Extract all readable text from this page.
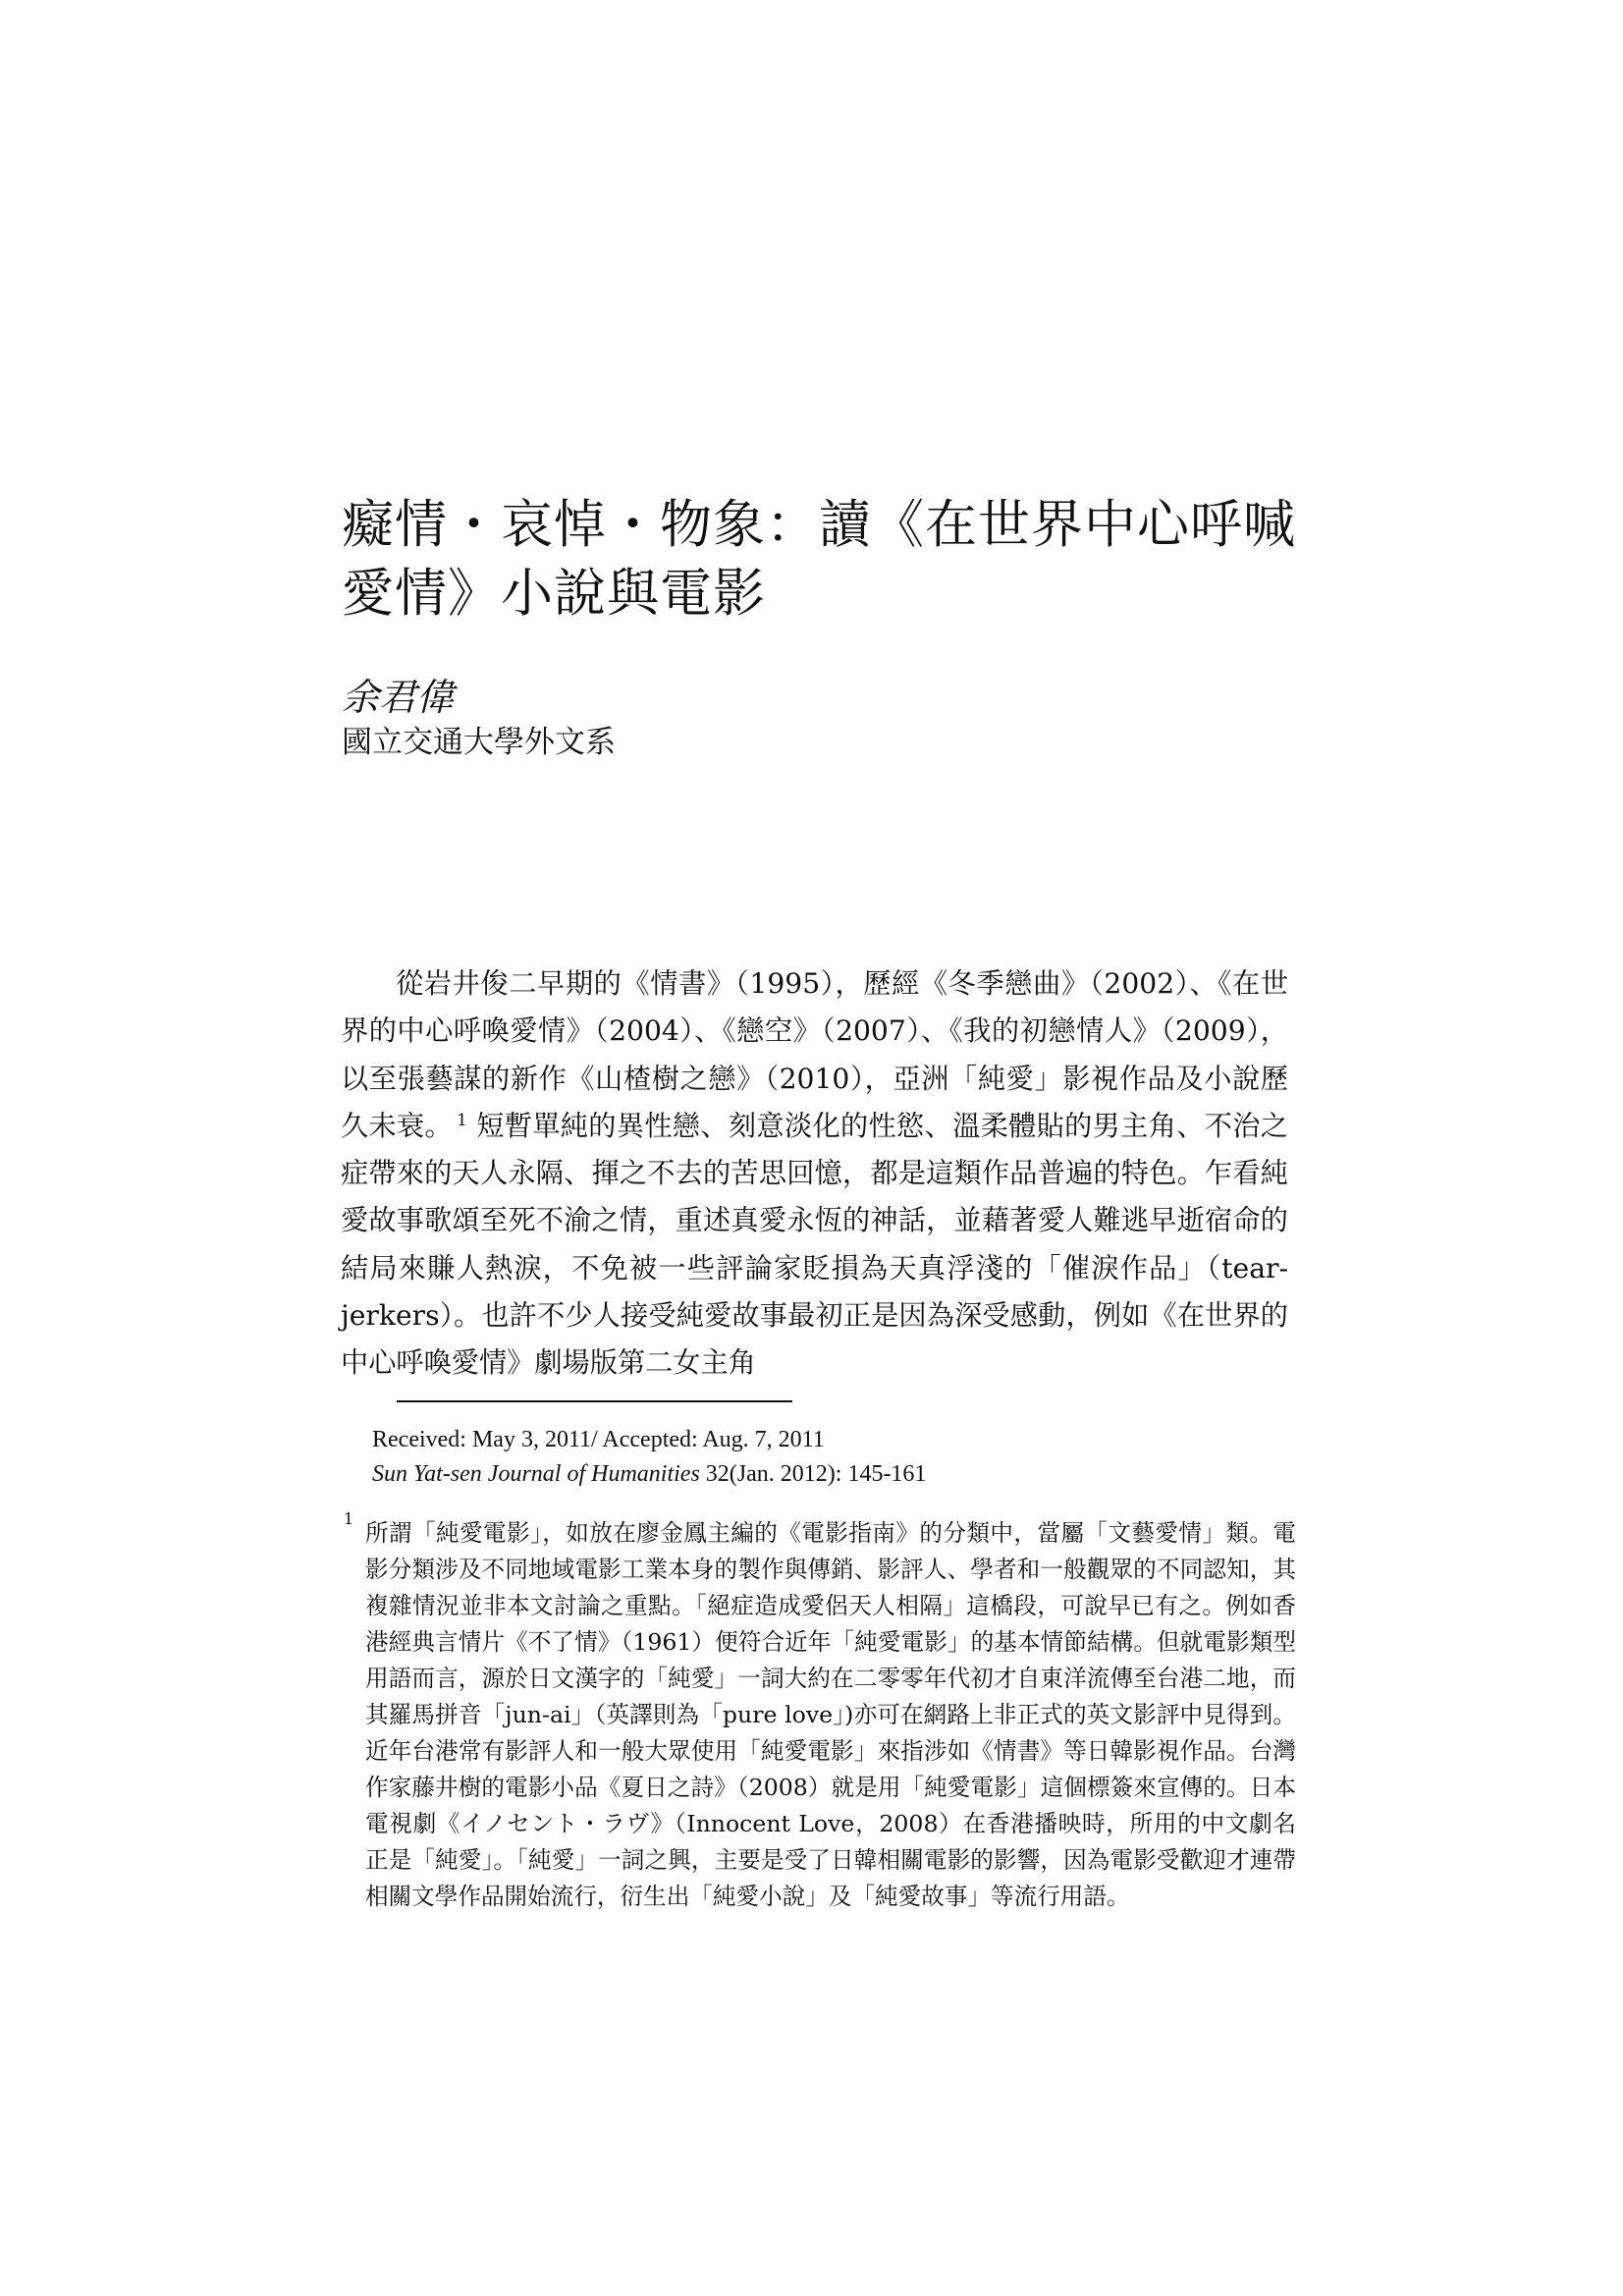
癡情・哀悼・物象：讀《在世界中心呼喊愛情》小說與電影
余君偉
國立交通大學外文系

從岩井俊二早期的《情書》（1995），歷經《冬季戀曲》（2002）、《在世界的中心呼喚愛情》（2004）、《戀空》（2007）、《我的初戀情人》（2009），以至張藝謀的新作《山楂樹之戀》（2010），亞洲「純愛」影視作品及小說歷久未衰。 $^1$ 短暫單純的異性戀、刻意淡化的性慾、溫柔體貼的男主角、不治之症帶來的天人永隔、揮之不去的苦思回憶，都是這類作品普遍的特色。乍看純愛故事歌頌至死不渝之情，重述真愛永恆的神話，並藉著愛人難逃早逝宿命的結局來賺人熱淚，不免被一些評論家貶損為天真浮淺的「催淚作品」（tear-jerkers）。也許不少人接受純愛故事最初正是因為深受感動，例如《在世界的中心呼喚愛情》劇場版第二女主角

Received: May 3, 2011/ Accepted: Aug. 7, 2011
Sun Yat-sen Journal of Humanities 32(Jan. 2012): 145-161
1

所謂「純愛電影」，如放在廖金鳳主編的《電影指南》的分類中，當屬「文藝愛情」類。電影分類涉及不同地域電影工業本身的製作與傳銷、影評人、學者和一般觀眾的不同認知，其複雜情況並非本文討論之重點。「絕症造成愛侶天人相隔」這橋段，可說早已有之。例如香港經典言情片《不了情》（1961）便符合近年「純愛電影」的基本情節結構。但就電影類型用語而言，源於日文漢字的「純愛」一詞大約在二零零年代初才自東洋流傳至台港二地，而其羅馬拼音「jun-ai」（英譯則為「pure love」)亦可在網路上非正式的英文影評中見得到。近年台港常有影評人和一般大眾使用「純愛電影」來指涉如《情書》等日韓影視作品。台灣作家藤井樹的電影小品《夏日之詩》（2008）就是用「純愛電影」這個標簽來宣傳的。日本電視劇《イノセント・ラヴ》（Innocent Love，2008）在香港播映時，所用的中文劇名正是「純愛」。「純愛」一詞之興，主要是受了日韓相關電影的影響，因為電影受歡迎才連帶相關文學作品開始流行，衍生出「純愛小說」及「純愛故事」等流行用語。
